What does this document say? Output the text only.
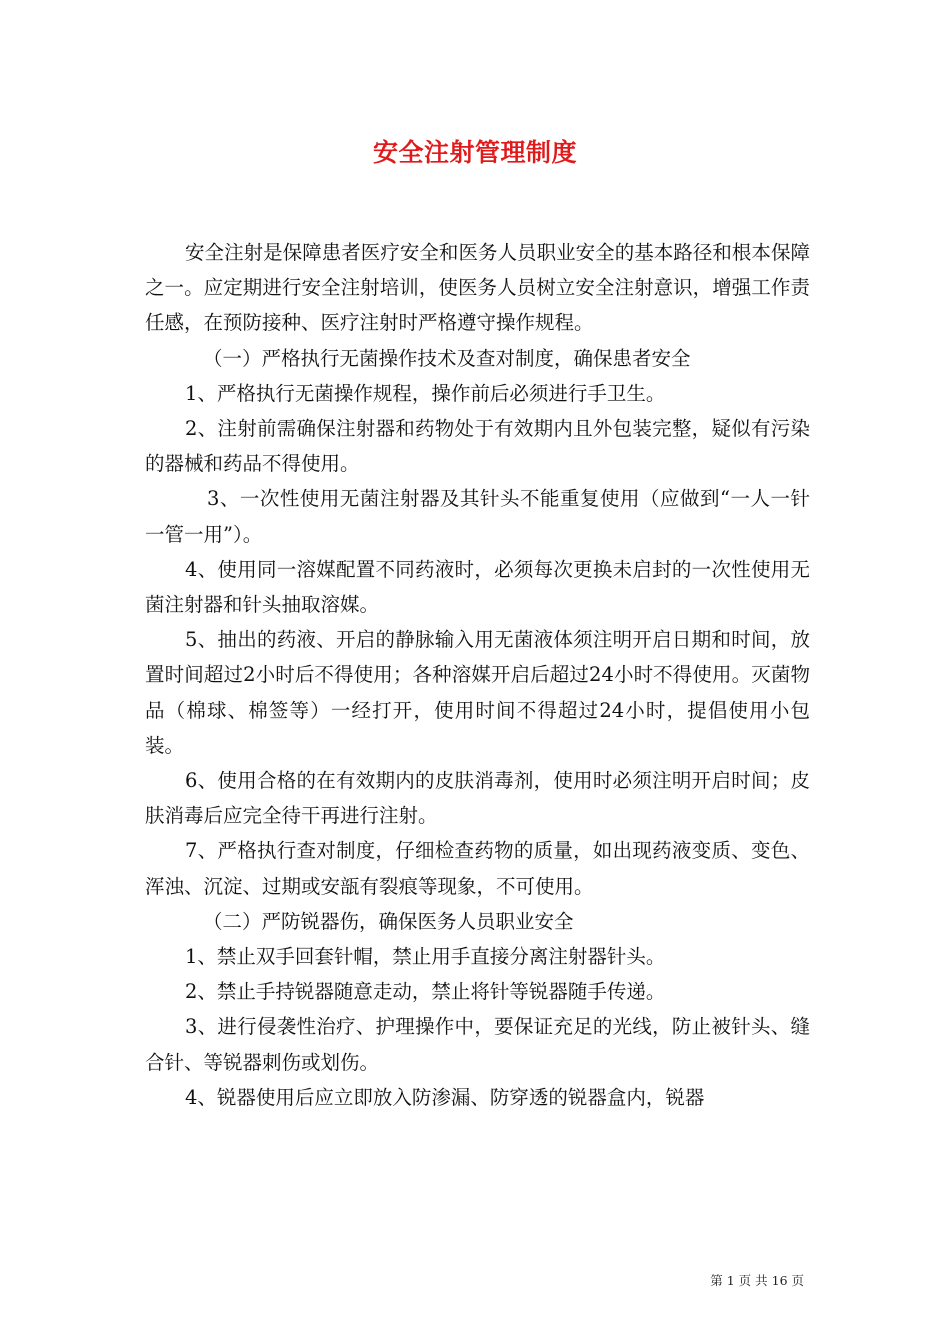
安全注射管理制度

安全注射是保障患者医疗安全和医务人员职业安全的基本路径和根本保障之一。应定期进行安全注射培训，使医务人员树立安全注射意识，增强工作责任感，在预防接种、医疗注射时严格遵守操作规程。

（一）严格执行无菌操作技术及查对制度，确保患者安全

1、严格执行无菌操作规程，操作前后必须进行手卫生。

2、注射前需确保注射器和药物处于有效期内且外包装完整，疑似有污染的器械和药品不得使用。

3、一次性使用无菌注射器及其针头不能重复使用（应做到“一人一针一管一用”）。

4、使用同一溶媒配置不同药液时，必须每次更换未启封的一次性使用无菌注射器和针头抽取溶媒。

5、抽出的药液、开启的静脉输入用无菌液体须注明开启日期和时间，放置时间超过2小时后不得使用；各种溶媒开启后超过24小时不得使用。灭菌物品（棉球、棉签等）一经打开，使用时间不得超过24小时，提倡使用小包装。

6、使用合格的在有效期内的皮肤消毒剂，使用时必须注明开启时间；皮肤消毒后应完全待干再进行注射。

7、严格执行查对制度，仔细检查药物的质量，如出现药液变质、变色、浑浊、沉淀、过期或安瓿有裂痕等现象，不可使用。

（二）严防锐器伤，确保医务人员职业安全

1、禁止双手回套针帽，禁止用手直接分离注射器针头。

2、禁止手持锐器随意走动，禁止将针等锐器随手传递。

3、进行侵袭性治疗、护理操作中，要保证充足的光线，防止被针头、缝合针、等锐器刺伤或划伤。

4、锐器使用后应立即放入防渗漏、防穿透的锐器盒内，锐器

第 1 页 共 16 页
